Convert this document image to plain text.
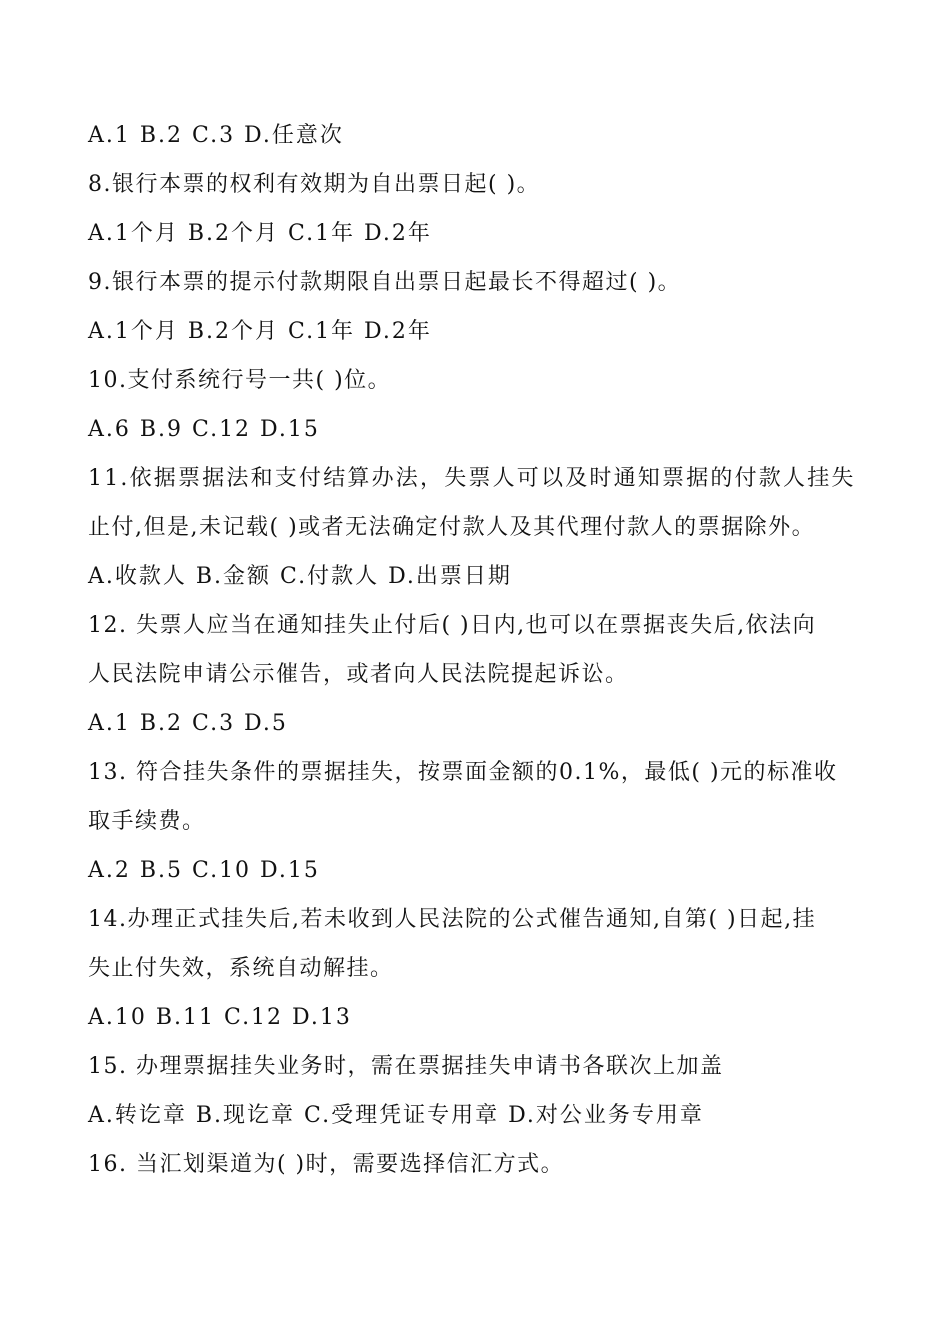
A.1 B.2 C.3 D.任意次
8.银行本票的权利有效期为自出票日起( )。
A.1个月 B.2个月 C.1年 D.2年
9.银行本票的提示付款期限自出票日起最长不得超过( )。
A.1个月 B.2个月 C.1年 D.2年
10.支付系统行号一共( )位。
A.6 B.9 C.12 D.15
11.依据票据法和支付结算办法，失票人可以及时通知票据的付款人挂失
止付,但是,未记载( )或者无法确定付款人及其代理付款人的票据除外。
A.收款人 B.金额 C.付款人 D.出票日期
12. 失票人应当在通知挂失止付后( )日内,也可以在票据丧失后,依法向
人民法院申请公示催告，或者向人民法院提起诉讼。
A.1 B.2 C.3 D.5
13. 符合挂失条件的票据挂失，按票面金额的0.1%，最低( )元的标准收
取手续费。
A.2 B.5 C.10 D.15
14.办理正式挂失后,若未收到人民法院的公式催告通知,自第( )日起,挂
失止付失效，系统自动解挂。
A.10 B.11 C.12 D.13
15. 办理票据挂失业务时，需在票据挂失申请书各联次上加盖
A.转讫章 B.现讫章 C.受理凭证专用章 D.对公业务专用章
16. 当汇划渠道为( )时，需要选择信汇方式。
